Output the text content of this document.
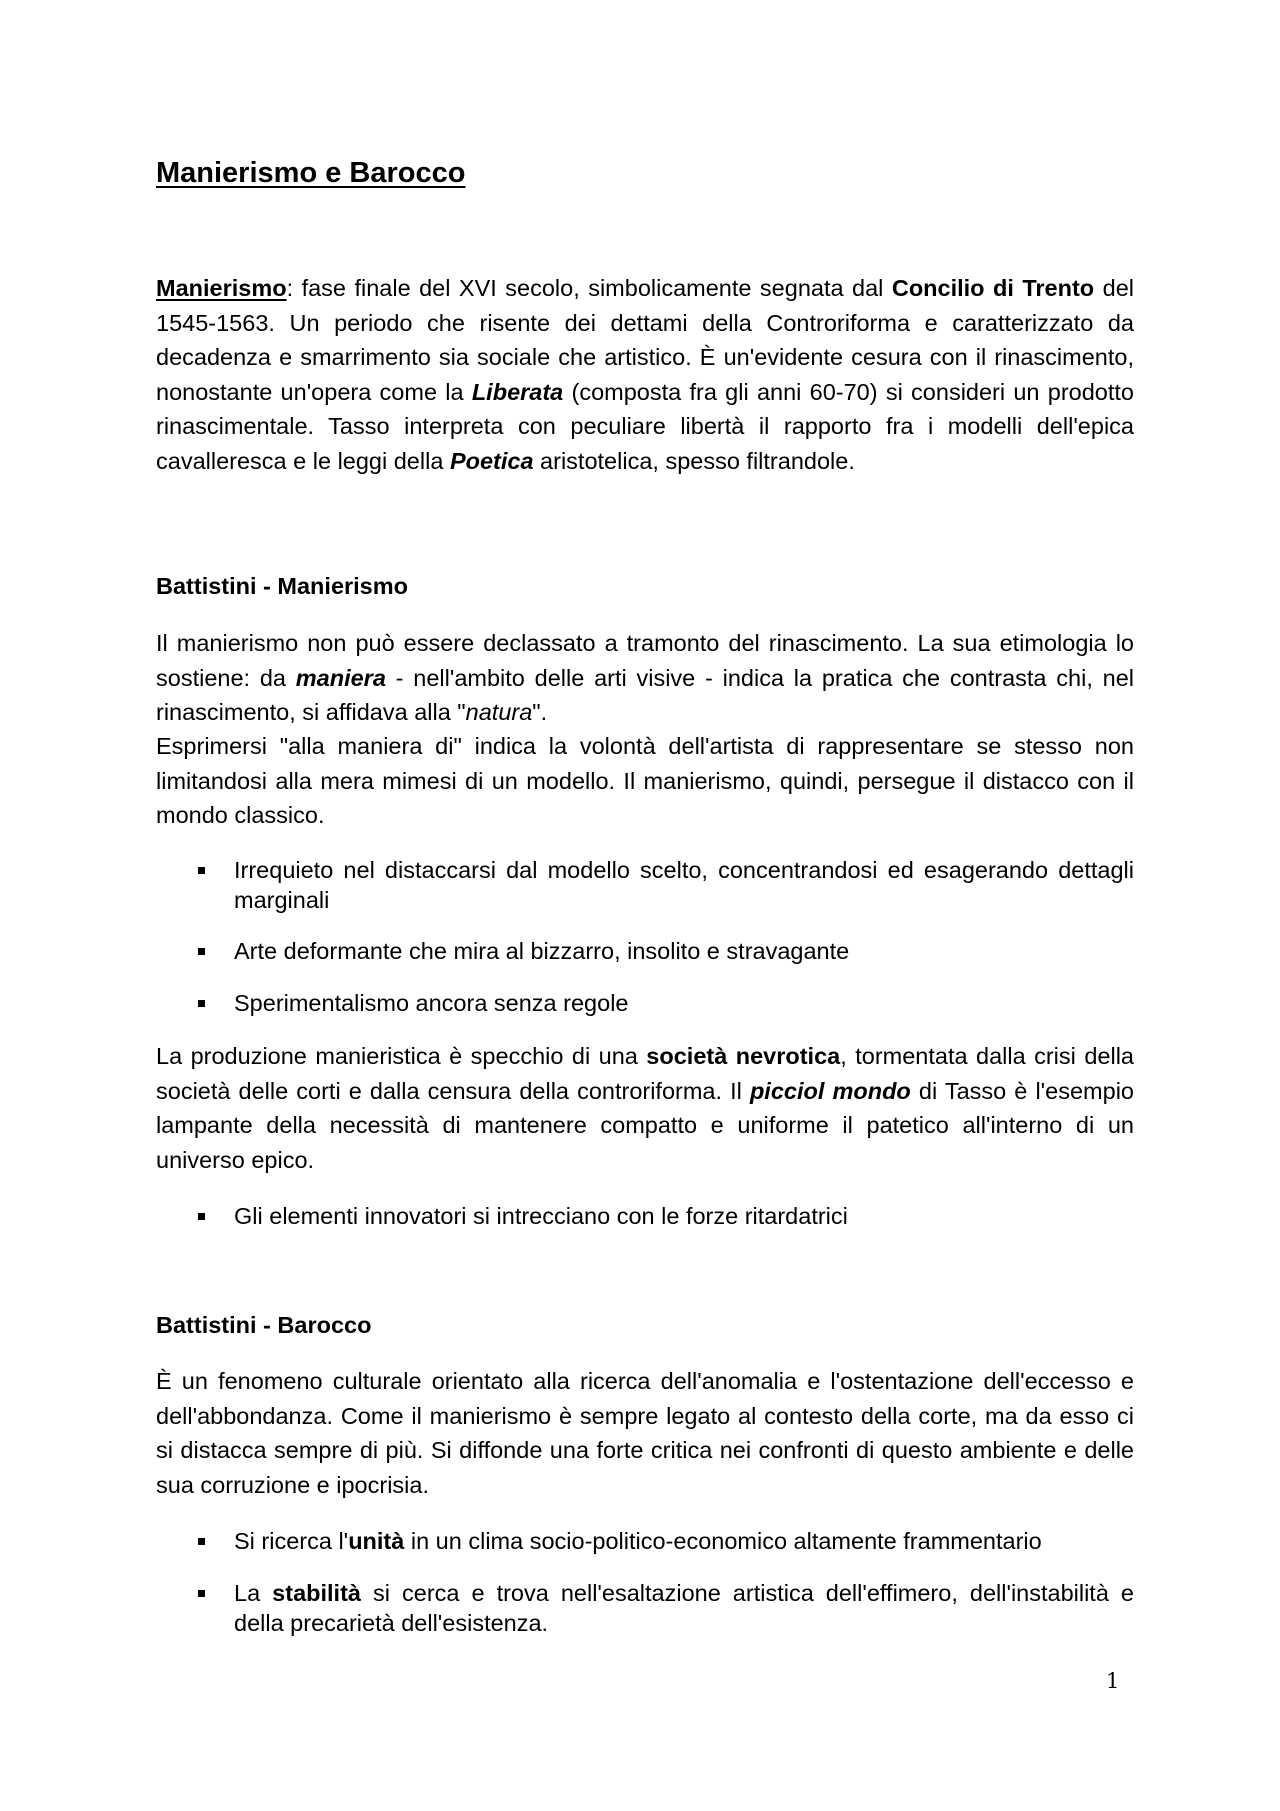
Manierismo e Barocco

Manierismo: fase finale del XVI secolo, simbolicamente segnata dal Concilio di Trento del 1545-1563. Un periodo che risente dei dettami della Controriforma e caratterizzato da decadenza e smarrimento sia sociale che artistico. È un'evidente cesura con il rinascimento, nonostante un'opera come la Liberata (composta fra gli anni 60-70) si consideri un prodotto rinascimentale. Tasso interpreta con peculiare libertà il rapporto fra i modelli dell'epica cavalleresca e le leggi della Poetica aristotelica, spesso filtrandole.

Battistini - Manierismo

Il manierismo non può essere declassato a tramonto del rinascimento. La sua etimologia lo sostiene: da maniera - nell'ambito delle arti visive - indica la pratica che contrasta chi, nel rinascimento, si affidava alla "natura".

Esprimersi "alla maniera di" indica la volontà dell'artista di rappresentare se stesso non limitandosi alla mera mimesi di un modello. Il manierismo, quindi, persegue il distacco con il mondo classico.

Irrequieto nel distaccarsi dal modello scelto, concentrandosi ed esagerando dettagli marginali
Arte deformante che mira al bizzarro, insolito e stravagante
Sperimentalismo ancora senza regole

La produzione manieristica è specchio di una società nevrotica, tormentata dalla crisi della società delle corti e dalla censura della controriforma. Il picciol mondo di Tasso è l'esempio lampante della necessità di mantenere compatto e uniforme il patetico all'interno di un universo epico.

Gli elementi innovatori si intrecciano con le forze ritardatrici
Battistini - Barocco

È un fenomeno culturale orientato alla ricerca dell'anomalia e l'ostentazione dell'eccesso e dell'abbondanza. Come il manierismo è sempre legato al contesto della corte, ma da esso ci si distacca sempre di più. Si diffonde una forte critica nei confronti di questo ambiente e delle sua corruzione e ipocrisia.

Si ricerca l'unità in un clima socio-politico-economico altamente frammentario
La stabilità si cerca e trova nell'esaltazione artistica dell'effimero, dell'instabilità e della precarietà dell'esistenza.
1
